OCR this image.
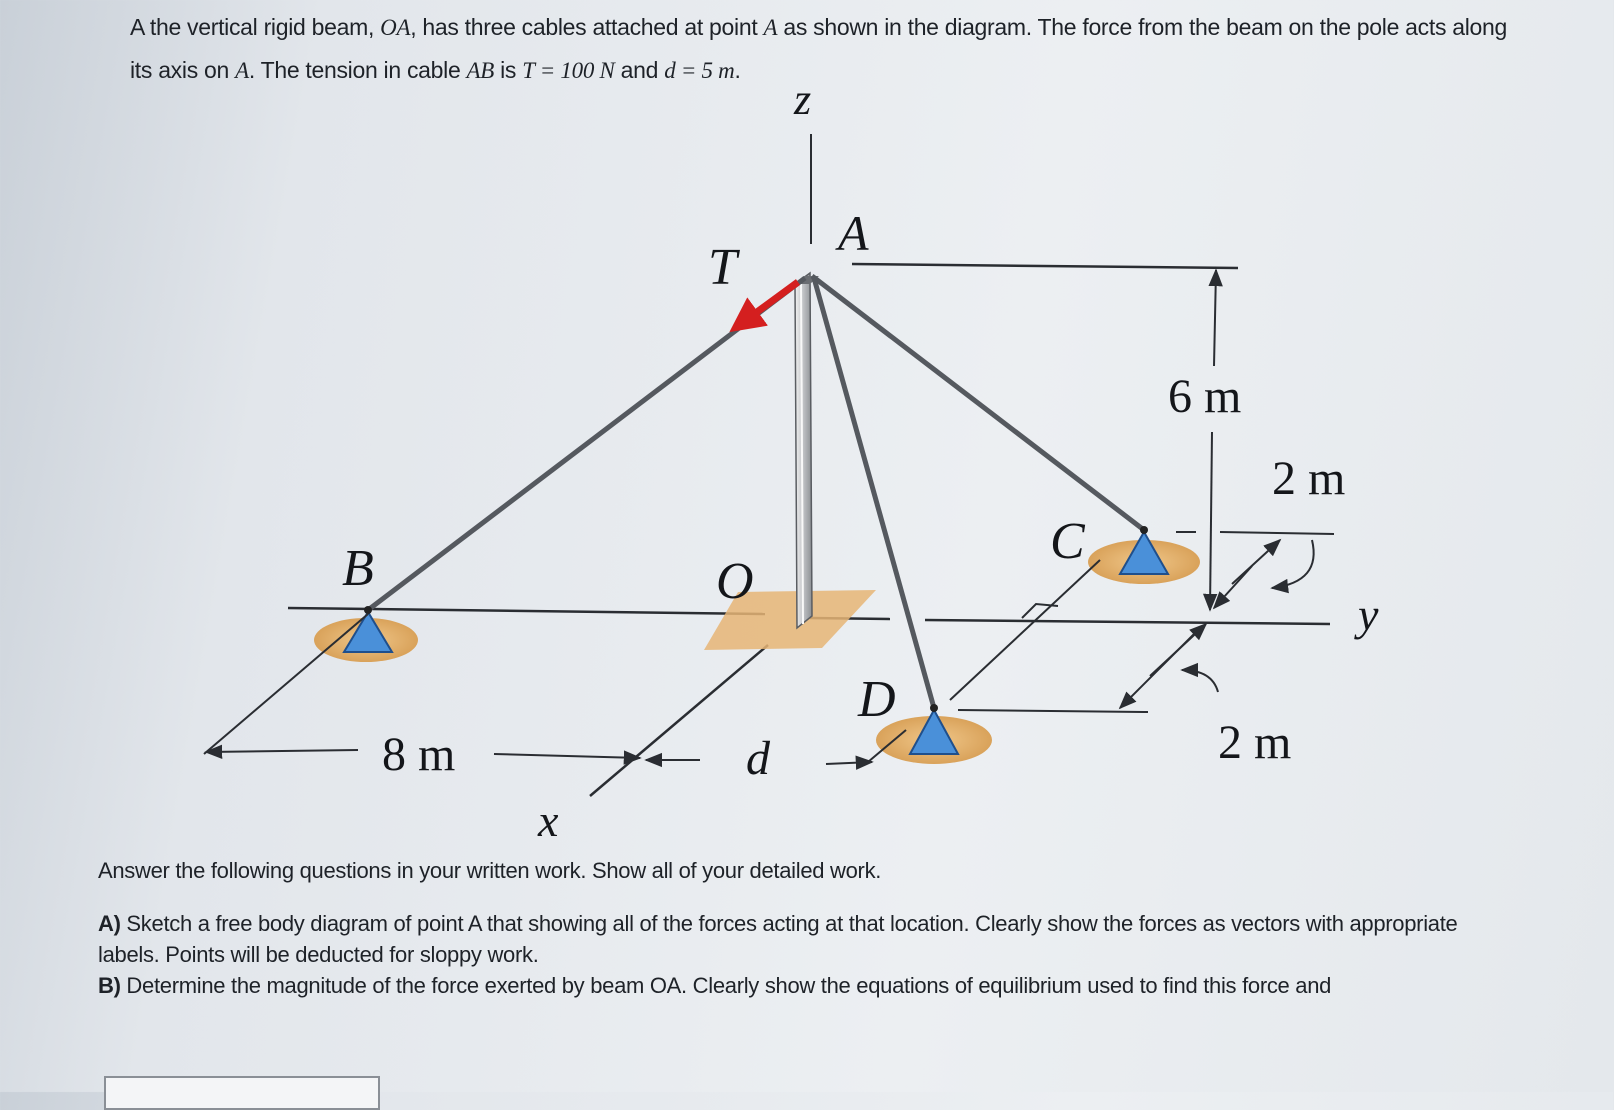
A the vertical rigid beam, OA, has three cables attached at point A as shown in the diagram. The force from the beam on the pole acts along its axis on A. The tension in cable AB is T = 100 N and d = 5 m.
z
y
x
A
T
O
B	C
D
6 m
2 m
2 m
8 m	d

Answer the following questions in your written work. Show all of your detailed work.

A) Sketch a free body diagram of point A that showing all of the forces acting at that location. Clearly show the forces as vectors with appropriate labels. Points will be deducted for sloppy work.

B) Determine the magnitude of the force exerted by beam OA. Clearly show the equations of equilibrium used to find this force and
